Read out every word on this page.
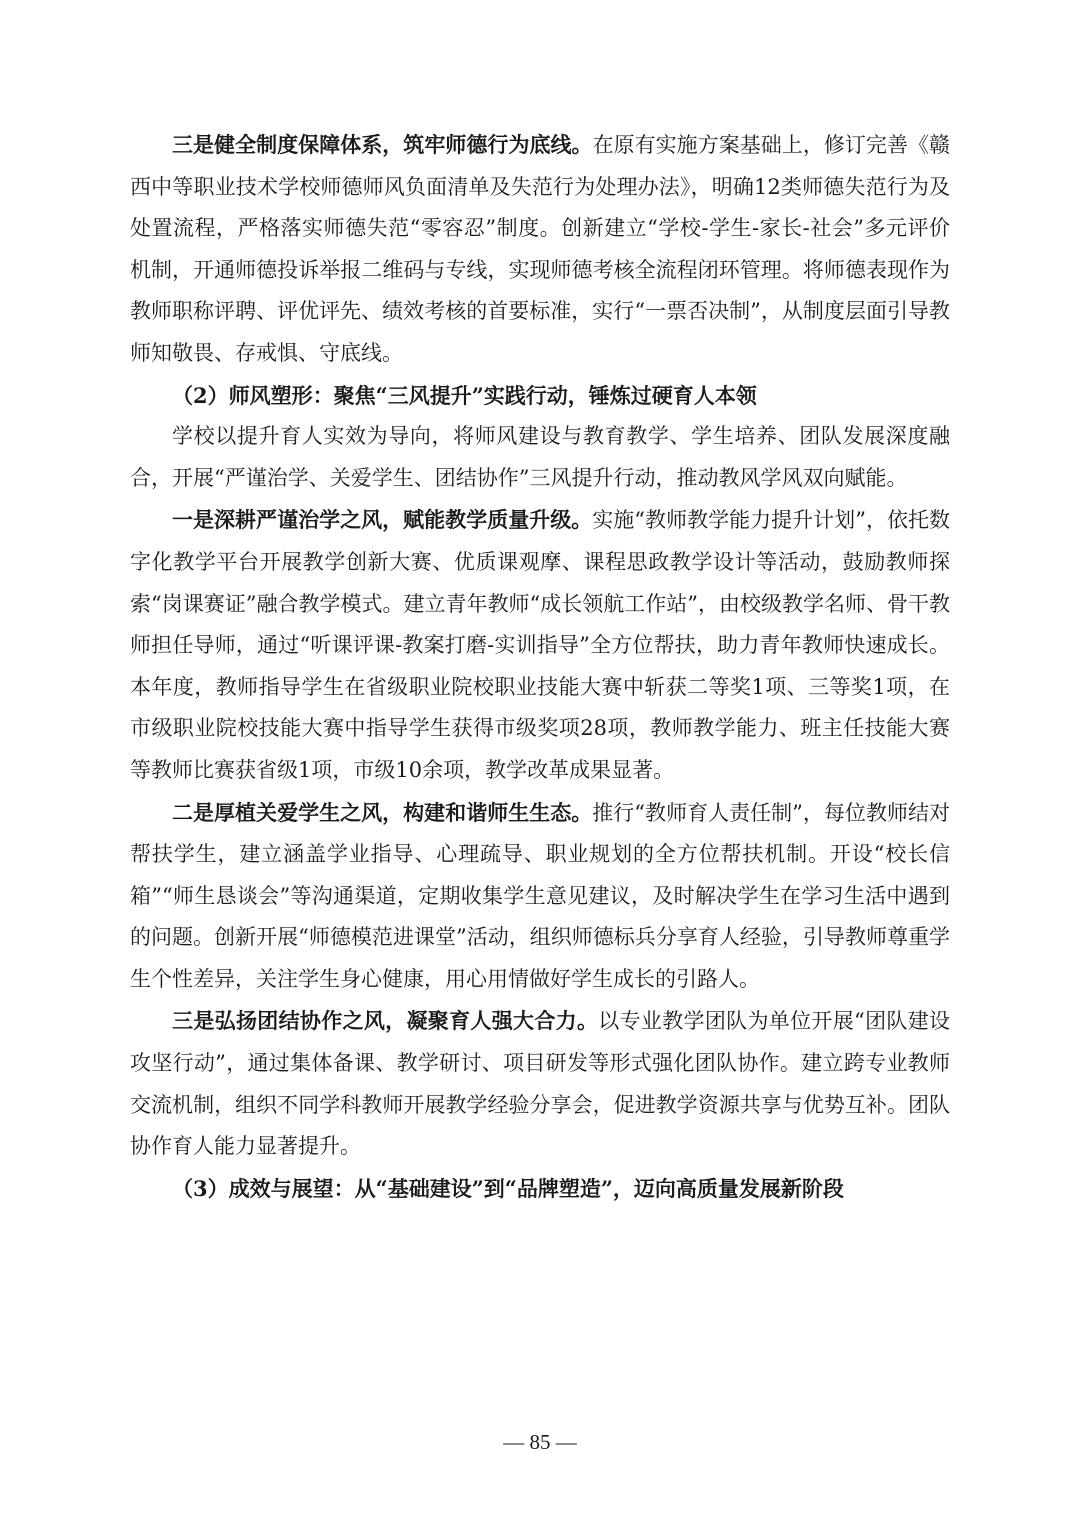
三是健全制度保障体系，筑牢师德行为底线。在原有实施方案基础上，修订完善《赣西中等职业技术学校师德师风负面清单及失范行为处理办法》，明确12类师德失范行为及处置流程，严格落实师德失范“零容忍”制度。创新建立“学校-学生-家长-社会”多元评价机制，开通师德投诉举报二维码与专线，实现师德考核全流程闭环管理。将师德表现作为教师职称评聘、评优评先、绩效考核的首要标准，实行“一票否决制”，从制度层面引导教师知敬畏、存戒惧、守底线。

（2）师风塑形：聚焦“三风提升”实践行动，锤炼过硬育人本领

学校以提升育人实效为导向，将师风建设与教育教学、学生培养、团队发展深度融合，开展“严谨治学、关爱学生、团结协作”三风提升行动，推动教风学风双向赋能。

一是深耕严谨治学之风，赋能教学质量升级。实施“教师教学能力提升计划”，依托数字化教学平台开展教学创新大赛、优质课观摩、课程思政教学设计等活动，鼓励教师探索“岗课赛证”融合教学模式。建立青年教师“成长领航工作站”，由校级教学名师、骨干教师担任导师，通过“听课评课-教案打磨-实训指导”全方位帮扶，助力青年教师快速成长。本年度，教师指导学生在省级职业院校职业技能大赛中斩获二等奖1项、三等奖1项，在市级职业院校技能大赛中指导学生获得市级奖项28项，教师教学能力、班主任技能大赛等教师比赛获省级1项，市级10余项，教学改革成果显著。

二是厚植关爱学生之风，构建和谐师生生态。推行“教师育人责任制”，每位教师结对帮扶学生，建立涵盖学业指导、心理疏导、职业规划的全方位帮扶机制。开设“校长信箱”“师生恳谈会”等沟通渠道，定期收集学生意见建议，及时解决学生在学习生活中遇到的问题。创新开展“师德模范进课堂”活动，组织师德标兵分享育人经验，引导教师尊重学生个性差异，关注学生身心健康，用心用情做好学生成长的引路人。

三是弘扬团结协作之风，凝聚育人强大合力。以专业教学团队为单位开展“团队建设攻坚行动”，通过集体备课、教学研讨、项目研发等形式强化团队协作。建立跨专业教师交流机制，组织不同学科教师开展教学经验分享会，促进教学资源共享与优势互补。团队协作育人能力显著提升。

（3）成效与展望：从“基础建设”到“品牌塑造”，迈向高质量发展新阶段

— 85 —
